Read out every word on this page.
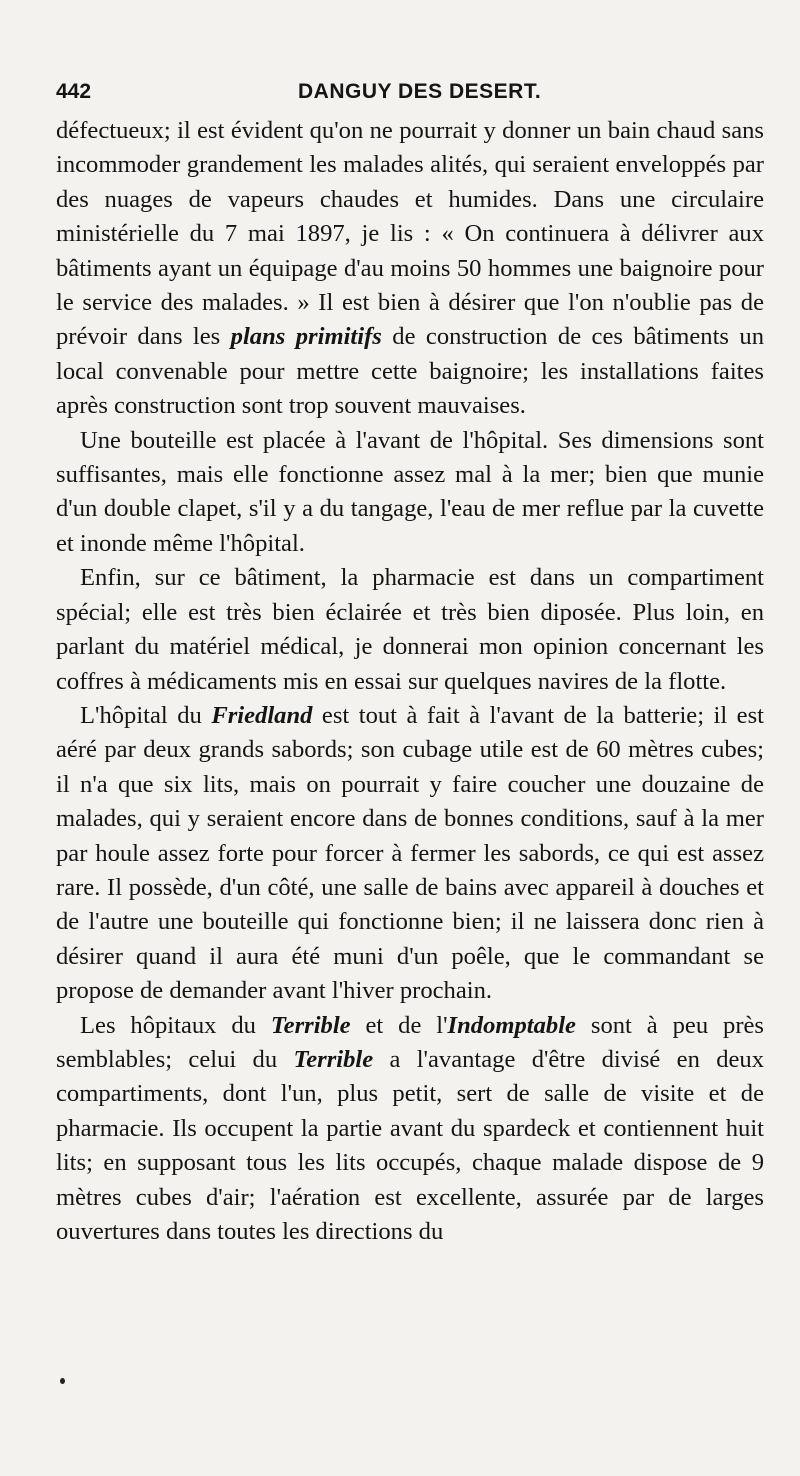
442	DANGUY DES DESERT.

défectueux; il est évident qu'on ne pourrait y donner un bain chaud sans incommoder grandement les malades alités, qui seraient enveloppés par des nuages de vapeurs chaudes et humides. Dans une circulaire ministérielle du 7 mai 1897, je lis : « On continuera à délivrer aux bâtiments ayant un équipage d'au moins 50 hommes une baignoire pour le service des malades. » Il est bien à désirer que l'on n'oublie pas de prévoir dans les plans primitifs de construction de ces bâtiments un local convenable pour mettre cette baignoire; les installations faites après construction sont trop souvent mauvaises.

Une bouteille est placée à l'avant de l'hôpital. Ses dimensions sont suffisantes, mais elle fonctionne assez mal à la mer; bien que munie d'un double clapet, s'il y a du tangage, l'eau de mer reflue par la cuvette et inonde même l'hôpital.

Enfin, sur ce bâtiment, la pharmacie est dans un compartiment spécial; elle est très bien éclairée et très bien diposée. Plus loin, en parlant du matériel médical, je donnerai mon opinion concernant les coffres à médicaments mis en essai sur quelques navires de la flotte.

L'hôpital du Friedland est tout à fait à l'avant de la batterie; il est aéré par deux grands sabords; son cubage utile est de 60 mètres cubes; il n'a que six lits, mais on pourrait y faire coucher une douzaine de malades, qui y seraient encore dans de bonnes conditions, sauf à la mer par houle assez forte pour forcer à fermer les sabords, ce qui est assez rare. Il possède, d'un côté, une salle de bains avec appareil à douches et de l'autre une bouteille qui fonctionne bien; il ne laissera donc rien à désirer quand il aura été muni d'un poêle, que le commandant se propose de demander avant l'hiver prochain.

Les hôpitaux du Terrible et de l'Indomptable sont à peu près semblables; celui du Terrible a l'avantage d'être divisé en deux compartiments, dont l'un, plus petit, sert de salle de visite et de pharmacie. Ils occupent la partie avant du spardeck et contiennent huit lits; en supposant tous les lits occupés, chaque malade dispose de 9 mètres cubes d'air; l'aération est excellente, assurée par de larges ouvertures dans toutes les directions du
